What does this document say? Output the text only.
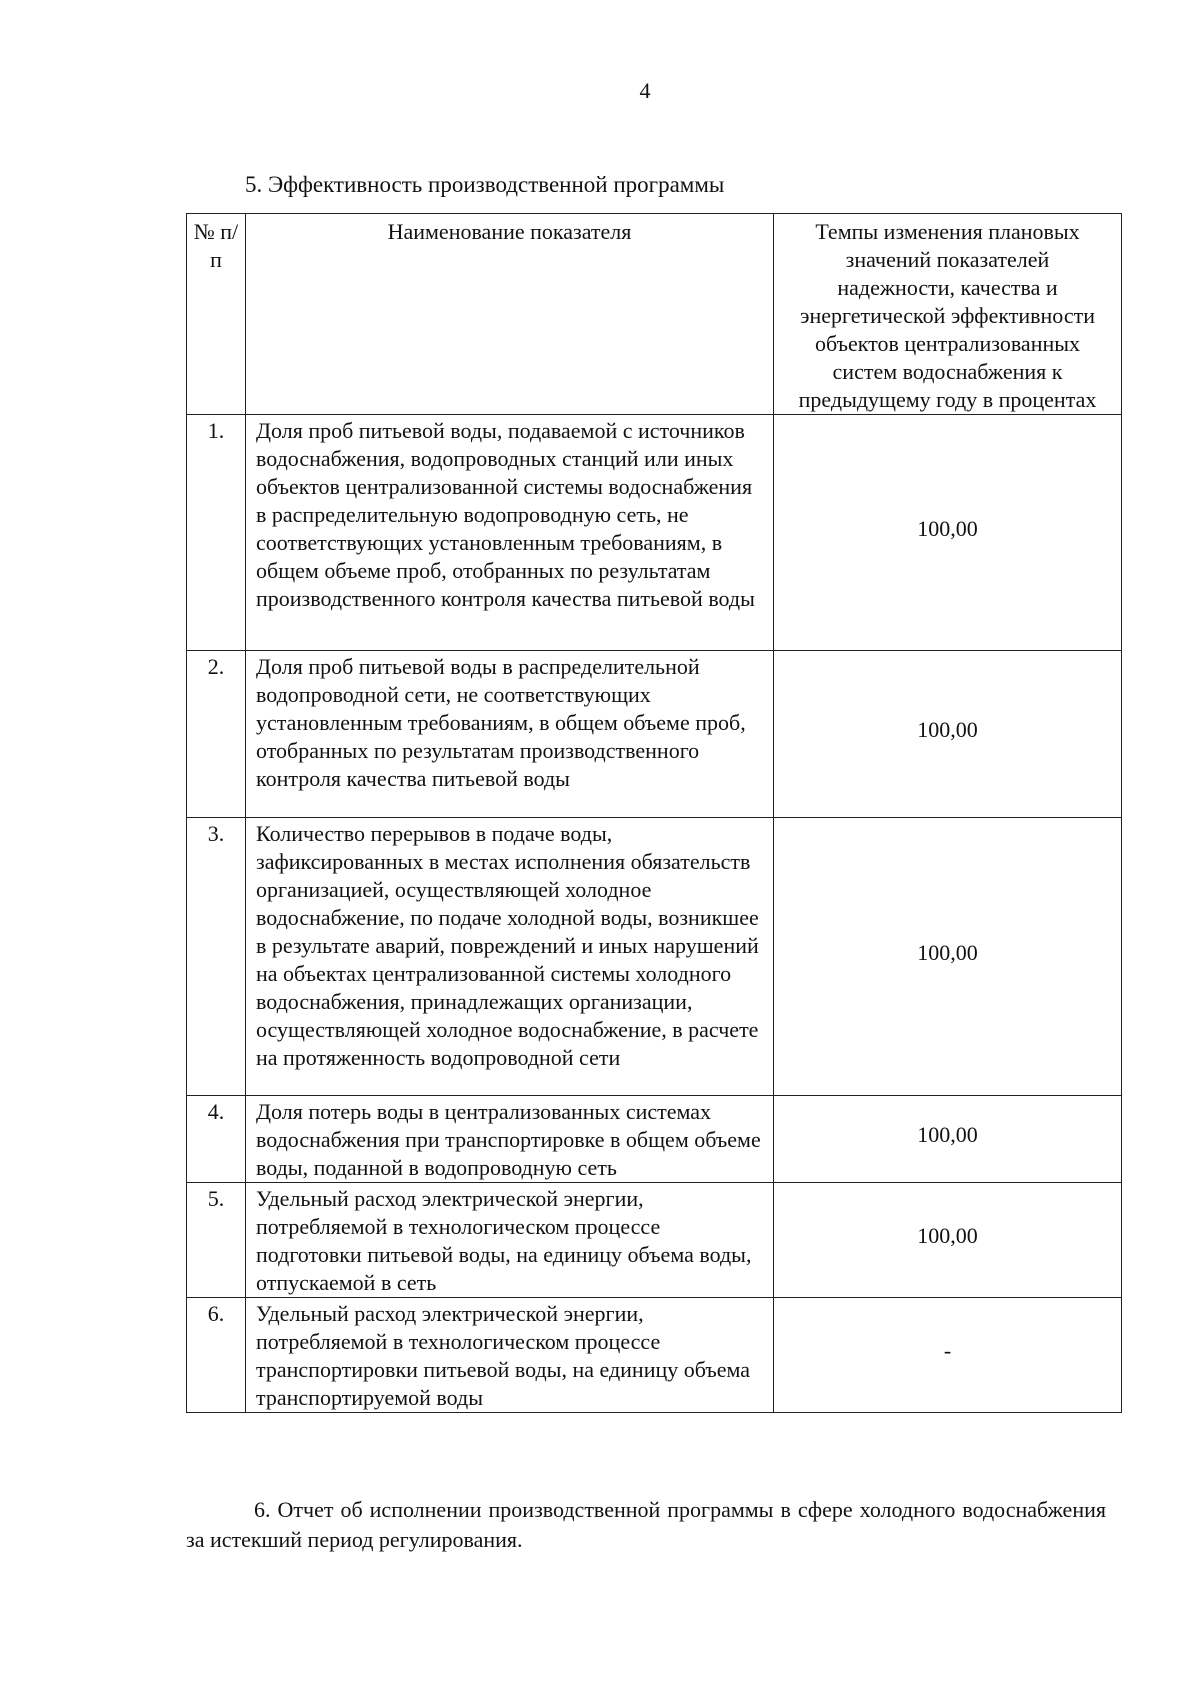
4
5. Эффективность производственной программы
№ п/п	Наименование показателя	Темпы изменения плановых значений показателей надежности, качества и энергетической эффективности объектов централизованных систем водоснабжения к предыдущему году в процентах
1.	Доля проб питьевой воды, подаваемой с источников водоснабжения, водопроводных станций или иных объектов централизованной системы водоснабжения в распределительную водопроводную сеть, не соответствующих установленным требованиям, в общем объеме проб, отобранных по результатам производственного контроля качества питьевой воды	100,00
2.	Доля проб питьевой воды в распределительной водопроводной сети, не соответствующих установленным требованиям, в общем объеме проб, отобранных по результатам производственного контроля качества питьевой воды	100,00
3.	Количество перерывов в подаче воды, зафиксированных в местах исполнения обязательств организацией, осуществляющей холодное водоснабжение, по подаче холодной воды, возникшее в результате аварий, повреждений и иных нарушений на объектах централизованной системы холодного водоснабжения, принадлежащих организации, осуществляющей холодное водоснабжение, в расчете на протяженность водопроводной сети	100,00
4.	Доля потерь воды в централизованных системах водоснабжения при транспортировке в общем объеме воды, поданной в водопроводную сеть	100,00
5.	Удельный расход электрической энергии, потребляемой в технологическом процессе подготовки питьевой воды, на единицу объема воды, отпускаемой в сеть	100,00
6.	Удельный расход электрической энергии, потребляемой в технологическом процессе транспортировки питьевой воды, на единицу объема транспортируемой воды	-
6. Отчет об исполнении производственной программы в сфере холодного водоснабжения за истекший период регулирования.
